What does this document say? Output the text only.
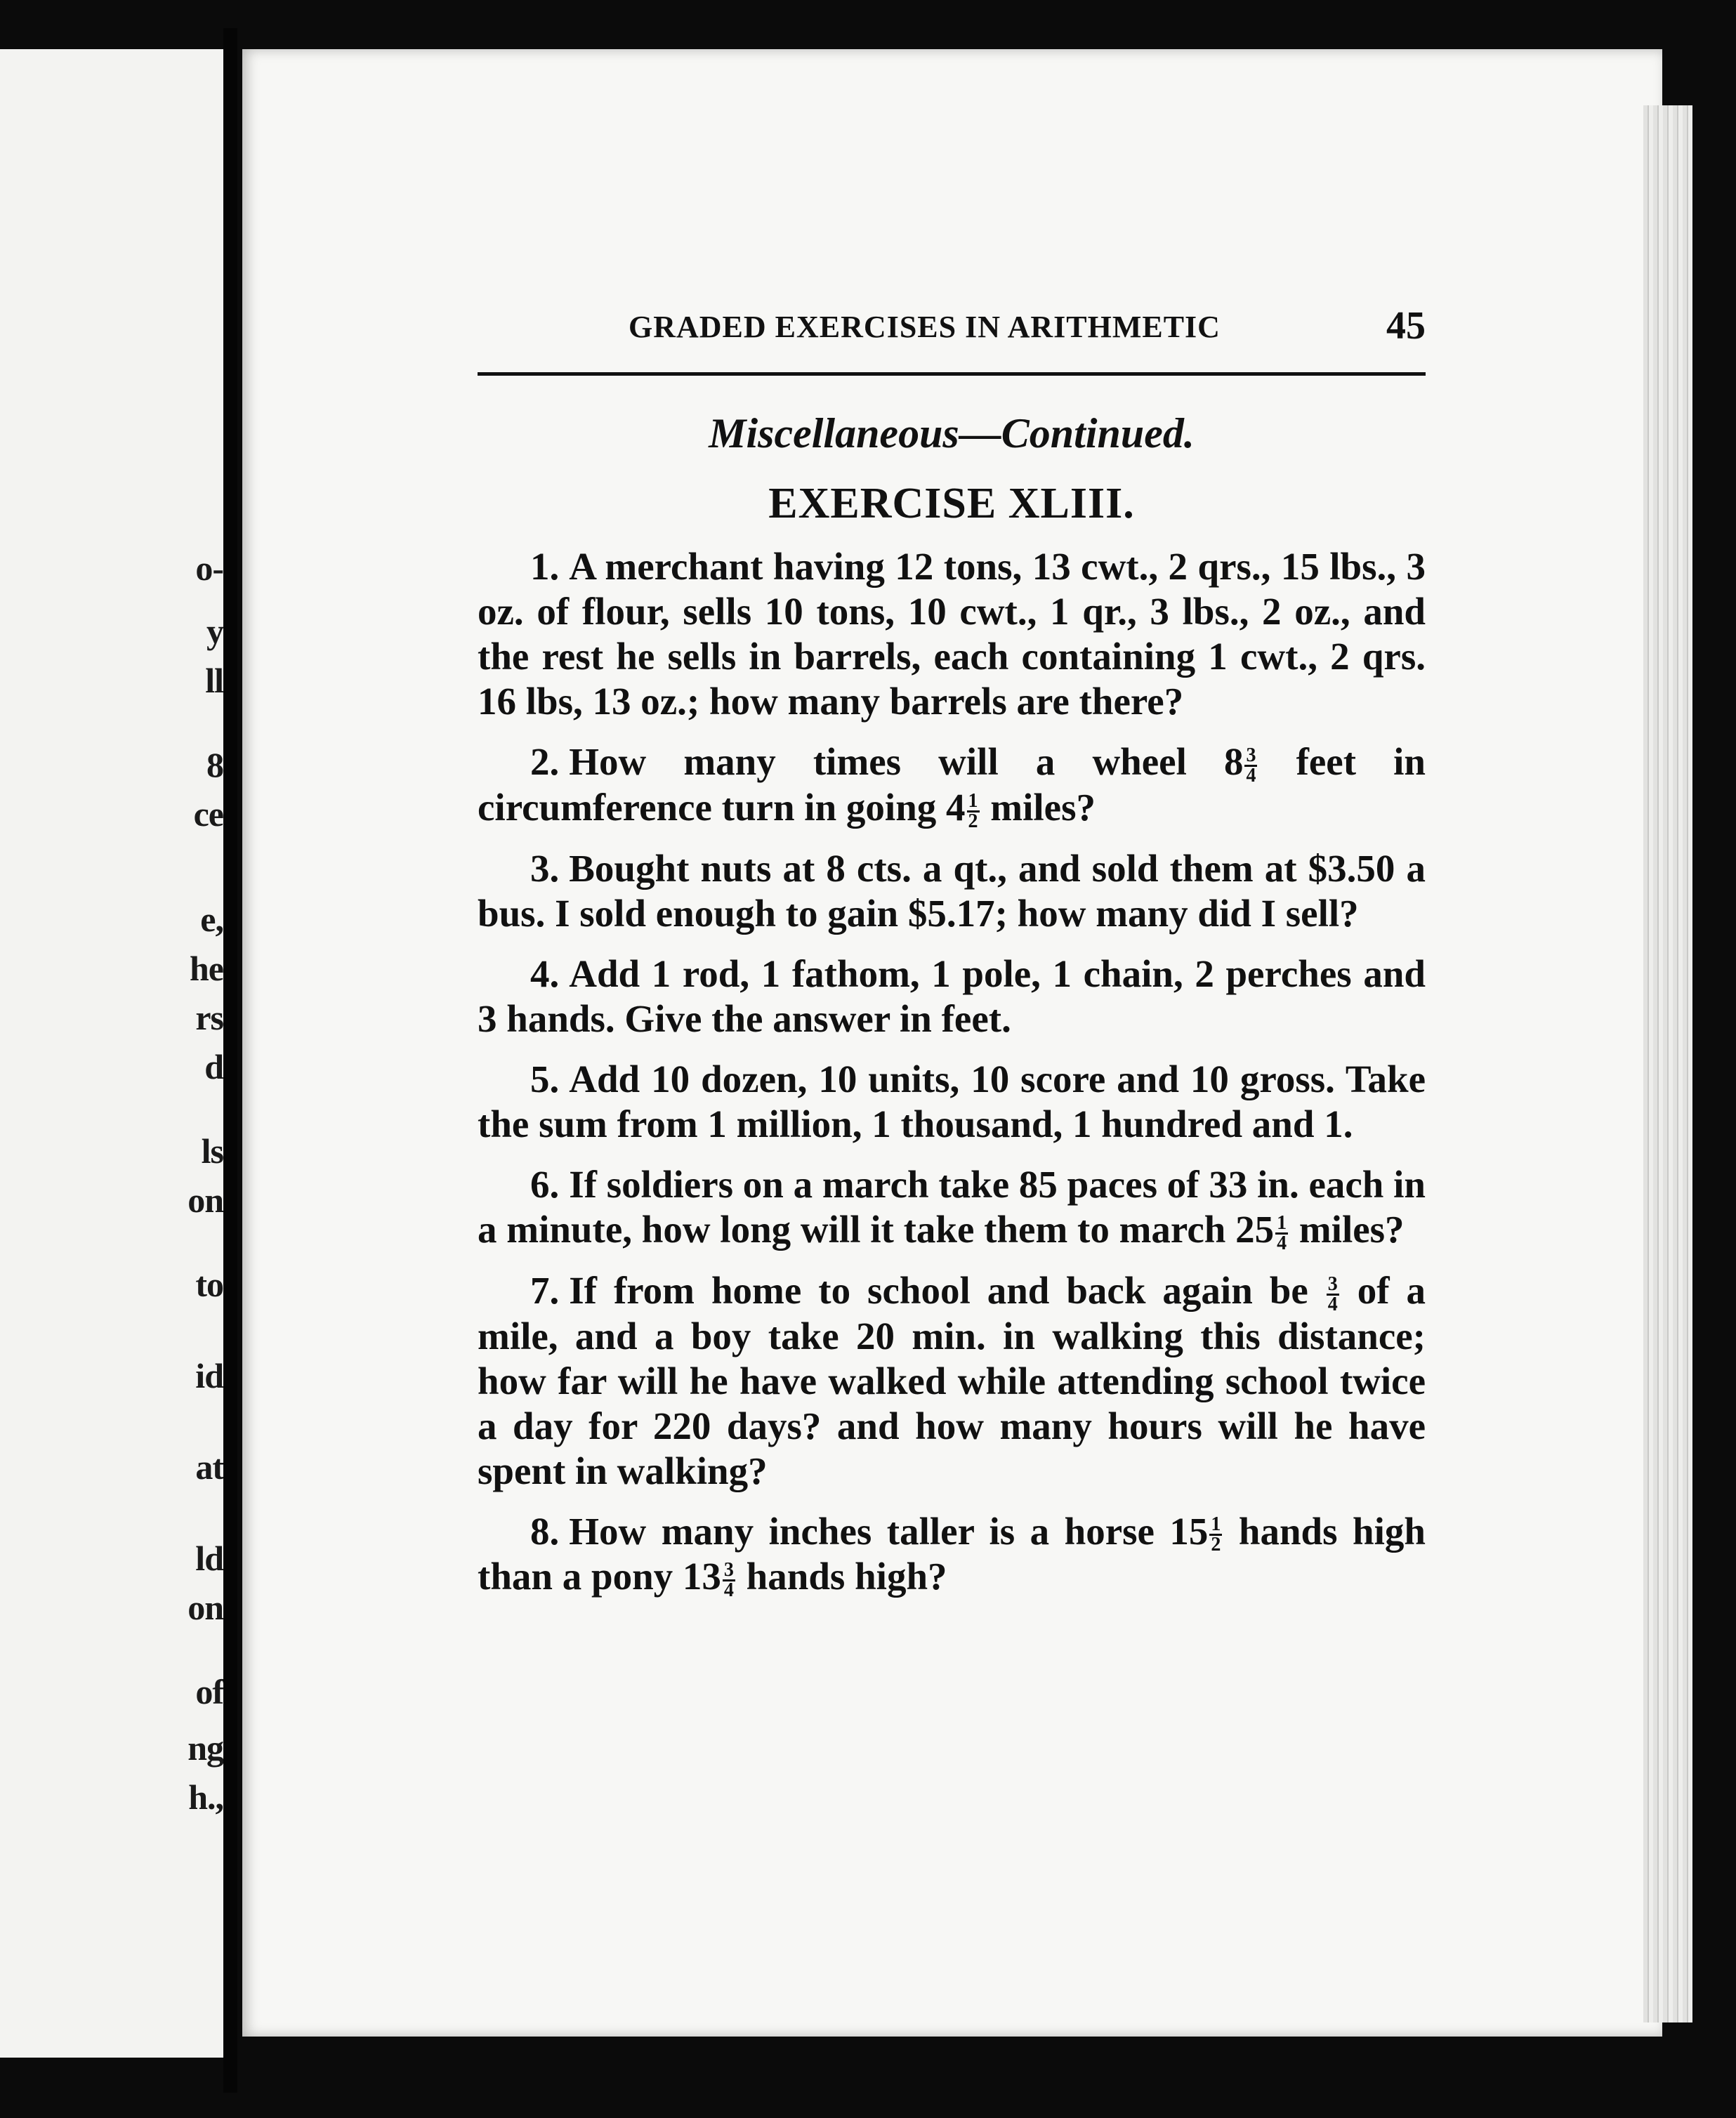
o-
y
ll
8
ce
e,
he
rs
d
ls
on
to
id
at
ld
on
of
ng
h.,
GRADED EXERCISES IN ARITHMETIC	45
Miscellaneous—Continued.
EXERCISE XLIII.
1. A merchant having 12 tons, 13 cwt., 2 qrs., 15 lbs., 3 oz. of flour, sells 10 tons, 10 cwt., 1 qr., 3 lbs., 2 oz., and the rest he sells in barrels, each containing 1 cwt., 2 qrs. 16 lbs, 13 oz.; how many barrels are there?
2. How many times will a wheel $8 \frac{3}{4}$ feet in circumference turn in going $4 \frac{1}{2}$ miles?
3. Bought nuts at 8 cts. a qt., and sold them at $3.50 a bus. I sold enough to gain $5.17; how many did I sell?
4. Add 1 rod, 1 fathom, 1 pole, 1 chain, 2 perches and 3 hands. Give the answer in feet.
5. Add 10 dozen, 10 units, 10 score and 10 gross. Take the sum from 1 million, 1 thousand, 1 hundred and 1.
6. If soldiers on a march take 85 paces of 33 in. each in a minute, how long will it take them to march $25 \frac{1}{4}$ miles?
7. If from home to school and back again be $\frac{3}{4}$ of a mile, and a boy take 20 min. in walking this distance; how far will he have walked while attending school twice a day for 220 days? and how many hours will he have spent in walking?
8. How many inches taller is a horse $15 \frac{1}{2}$ hands high than a pony $13 \frac{3}{4}$ hands high?
